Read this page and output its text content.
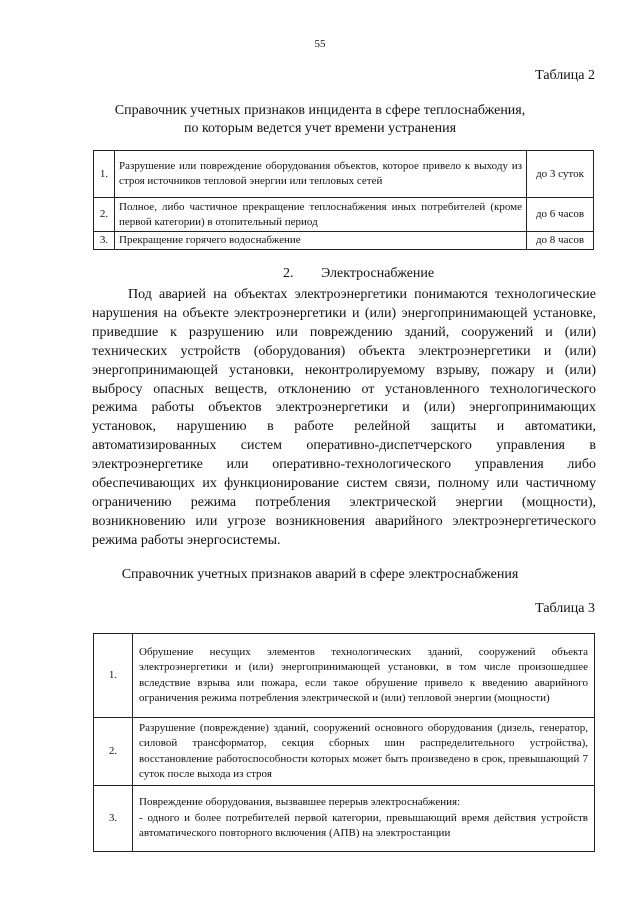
55
Таблица 2
Справочник учетных признаков инцидента в сфере теплоснабжения,
по которым ведется учет времени устранения
1.	Разрушение или повреждение оборудования объектов, которое привело к выходу из строя источников тепловой энергии или тепловых сетей	до 3 суток
2.	Полное, либо частичное прекращение теплоснабжения иных потребителей (кроме первой категории) в отопительный период	до 6 часов
3.	Прекращение горячего водоснабжение	до 8 часов
2. Электроснабжение
Под аварией на объектах электроэнергетики понимаются технологические нарушения на объекте электроэнергетики и (или) энергопринимающей установке, приведшие к разрушению или повреждению зданий, сооружений и (или) технических устройств (оборудования) объекта электроэнергетики и (или) энергопринимающей установки, неконтролируемому взрыву, пожару и (или) выбросу опасных веществ, отклонению от установленного технологического режима работы объектов электроэнергетики и (или) энергопринимающих установок, нарушению в работе релейной защиты и автоматики, автоматизированных систем оперативно-диспетчерского управления в электроэнергетике или оперативно-технологического управления либо обеспечивающих их функционирование систем связи, полному или частичному ограничению режима потребления электрической энергии (мощности), возникновению или угрозе возникновения аварийного электроэнергетического режима работы энергосистемы.
Справочник учетных признаков аварий в сфере электроснабжения
Таблица 3
1.	Обрушение несущих элементов технологических зданий, сооружений объекта электроэнергетики и (или) энергопринимающей установки, в том числе произошедшее вследствие взрыва или пожара, если такое обрушение привело к введению аварийного ограничения режима потребления электрической и (или) тепловой энергии (мощности)
2.	Разрушение (повреждение) зданий, сооружений основного оборудования (дизель, генератор, силовой трансформатор, секция сборных шин распределительного устройства), восстановление работоспособности которых может быть произведено в срок, превышающий 7 суток после выхода из строя
3.	Повреждение оборудования, вызвавшее перерыв электроснабжения:
- одного и более потребителей первой категории, превышающий время действия устройств автоматического повторного включения (АПВ) на электростанции
